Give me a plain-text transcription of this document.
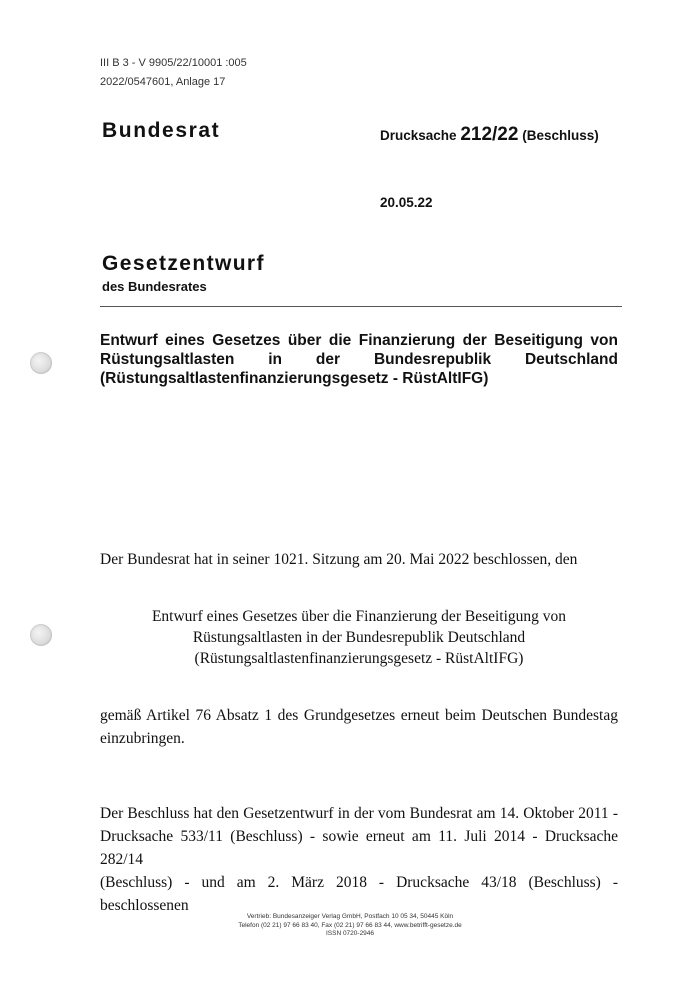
III B 3 - V 9905/22/10001 :005
2022/0547601, Anlage 17
Bundesrat	Drucksache 212/22 (Beschluss)
20.05.22
Gesetzentwurf
des Bundesrates
Entwurf eines Gesetzes über die Finanzierung der Beseitigung von
Rüstungsaltlasten in der Bundesrepublik Deutschland
(Rüstungsaltlastenfinanzierungsgesetz - RüstAltIFG)
Der Bundesrat hat in seiner 1021. Sitzung am 20. Mai 2022 beschlossen, den
Entwurf eines Gesetzes über die Finanzierung der Beseitigung von
Rüstungsaltlasten in der Bundesrepublik Deutschland
(Rüstungsaltlastenfinanzierungsgesetz - RüstAltIFG)
gemäß Artikel 76 Absatz 1 des Grundgesetzes erneut beim Deutschen Bundestag
einzubringen.
Der Beschluss hat den Gesetzentwurf in der vom Bundesrat am 14. Oktober 2011 -
Drucksache 533/11 (Beschluss) - sowie erneut am 11. Juli 2014 - Drucksache 282/14
(Beschluss) - und am 2. März 2018 - Drucksache 43/18 (Beschluss) - beschlossenen
Vertrieb: Bundesanzeiger Verlag GmbH, Postfach 10 05 34, 50445 Köln
Telefon (02 21) 97 66 83 40, Fax (02 21) 97 66 83 44, www.betrifft-gesetze.de
ISSN 0720-2946
